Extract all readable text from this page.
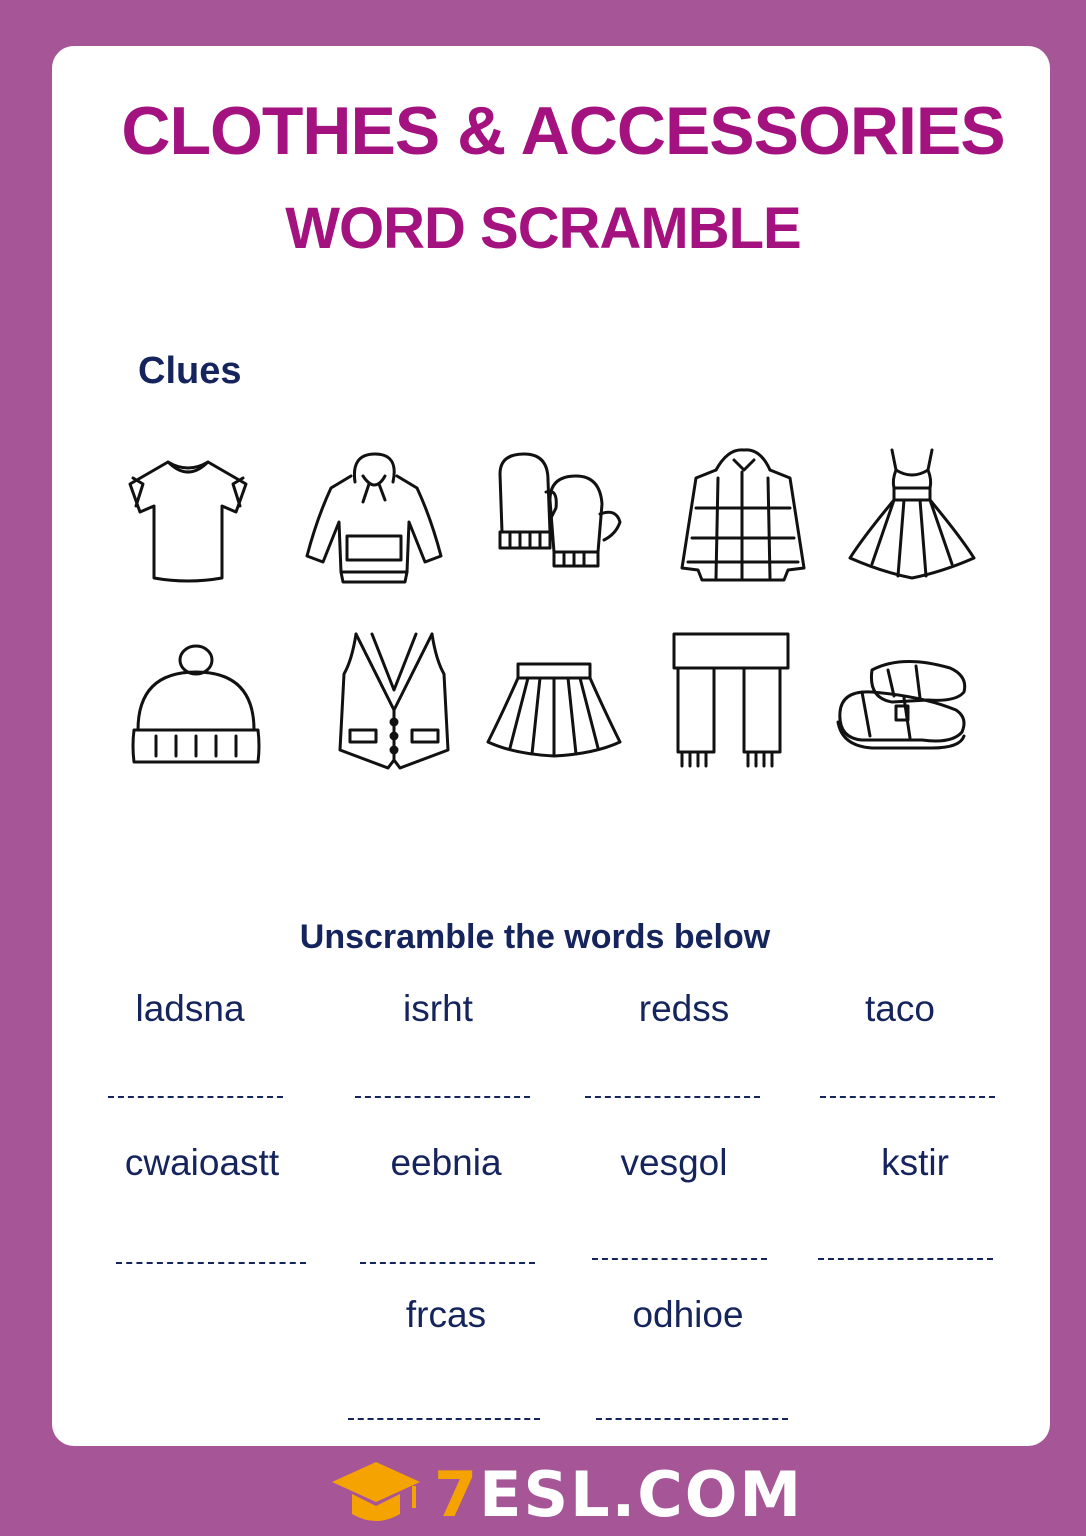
CLOTHES & ACCESSORIES
WORD SCRAMBLE
Clues
Unscramble the words below
ladsna	isrht	redss	taco
cwaioastt	eebnia	vesgol	kstir
frcas	odhioe
7ESL.COM
